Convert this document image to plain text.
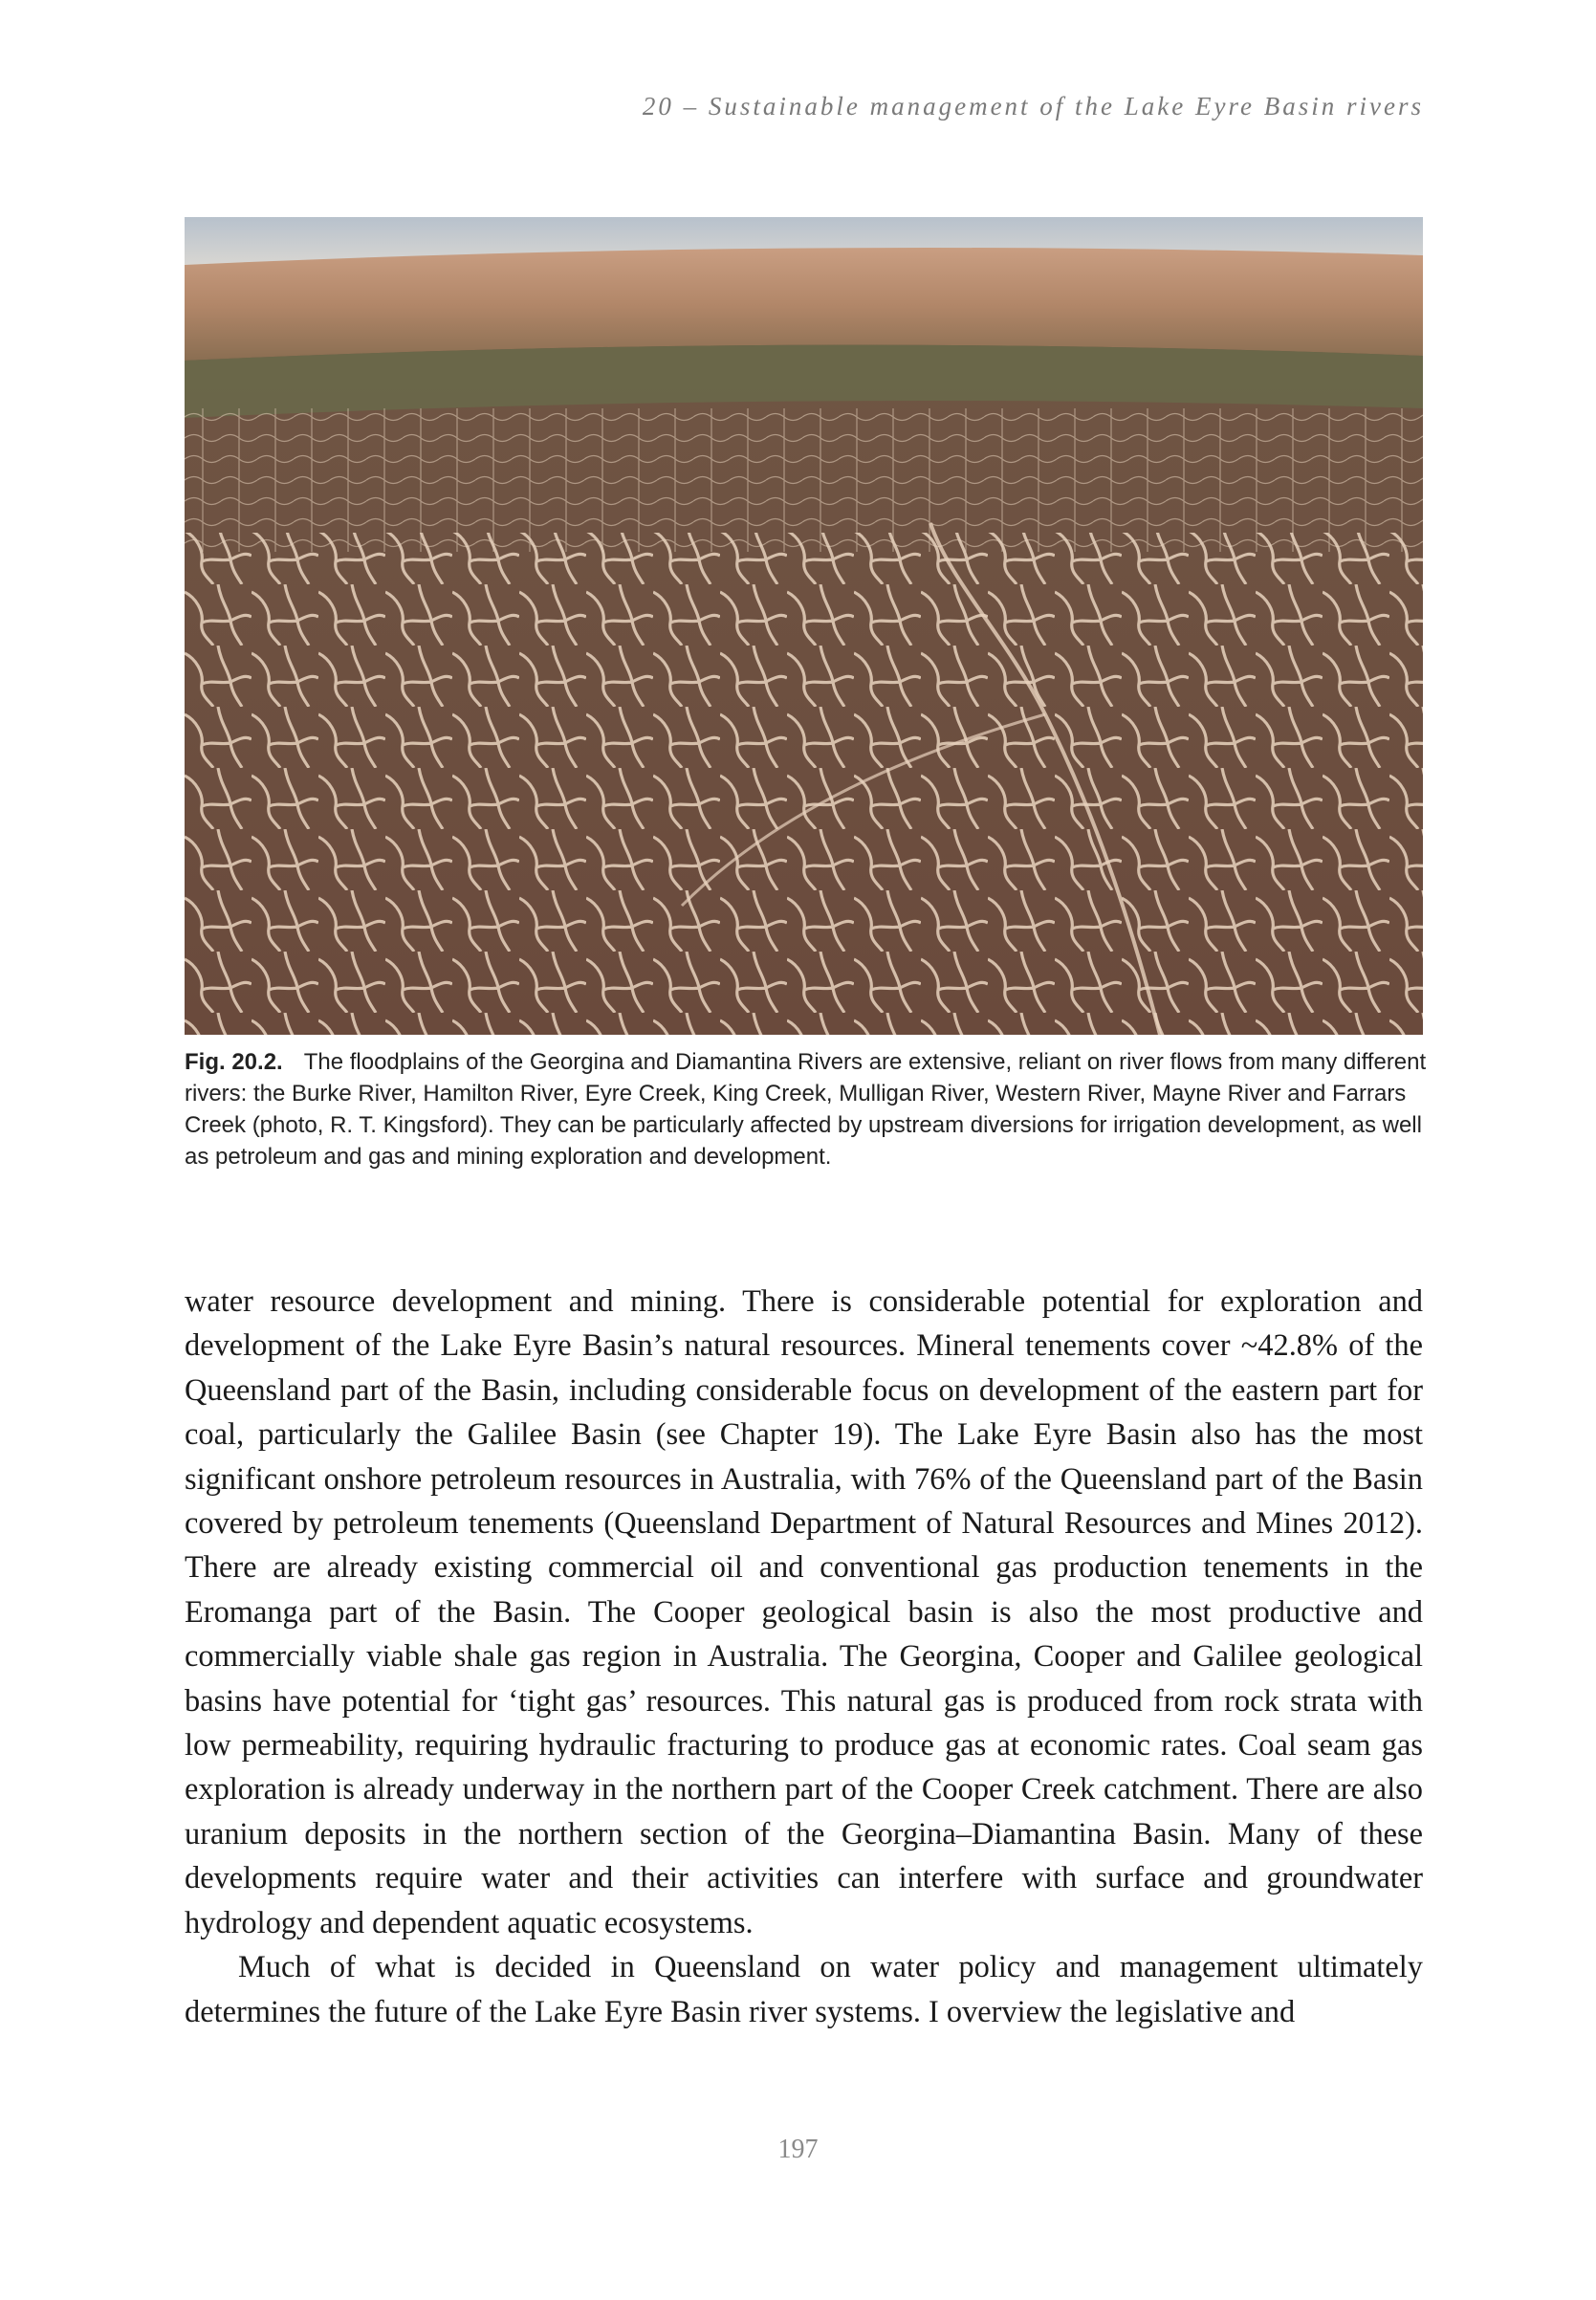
20 – Sustainable management of the Lake Eyre Basin rivers
Fig. 20.2. The floodplains of the Georgina and Diamantina Rivers are extensive, reliant on river flows from many different rivers: the Burke River, Hamilton River, Eyre Creek, King Creek, Mulligan River, Western River, Mayne River and Farrars Creek (photo, R. T. Kingsford). They can be particularly affected by upstream diversions for irrigation development, as well as petroleum and gas and mining exploration and development.

water resource development and mining. There is considerable potential for exploration and development of the Lake Eyre Basin’s natural resources. Mineral tenements cover ~42.8% of the Queensland part of the Basin, including considerable focus on development of the eastern part for coal, particularly the Galilee Basin (see Chapter 19). The Lake Eyre Basin also has the most significant onshore petroleum resources in Australia, with 76% of the Queensland part of the Basin covered by petroleum tenements (Queensland Department of Natural Resources and Mines 2012). There are already existing commercial oil and conventional gas production tenements in the Eromanga part of the Basin. The Cooper geological basin is also the most productive and commercially viable shale gas region in Australia. The Georgina, Cooper and Galilee geological basins have potential for ‘tight gas’ resources. This natural gas is produced from rock strata with low permeability, requiring hydraulic fracturing to produce gas at economic rates. Coal seam gas exploration is already underway in the northern part of the Cooper Creek catchment. There are also uranium deposits in the northern section of the Georgina–Diamantina Basin. Many of these developments require water and their activities can interfere with surface and groundwater hydrology and dependent aquatic ecosystems.

Much of what is decided in Queensland on water policy and management ultimately determines the future of the Lake Eyre Basin river systems. I overview the legislative and

197
